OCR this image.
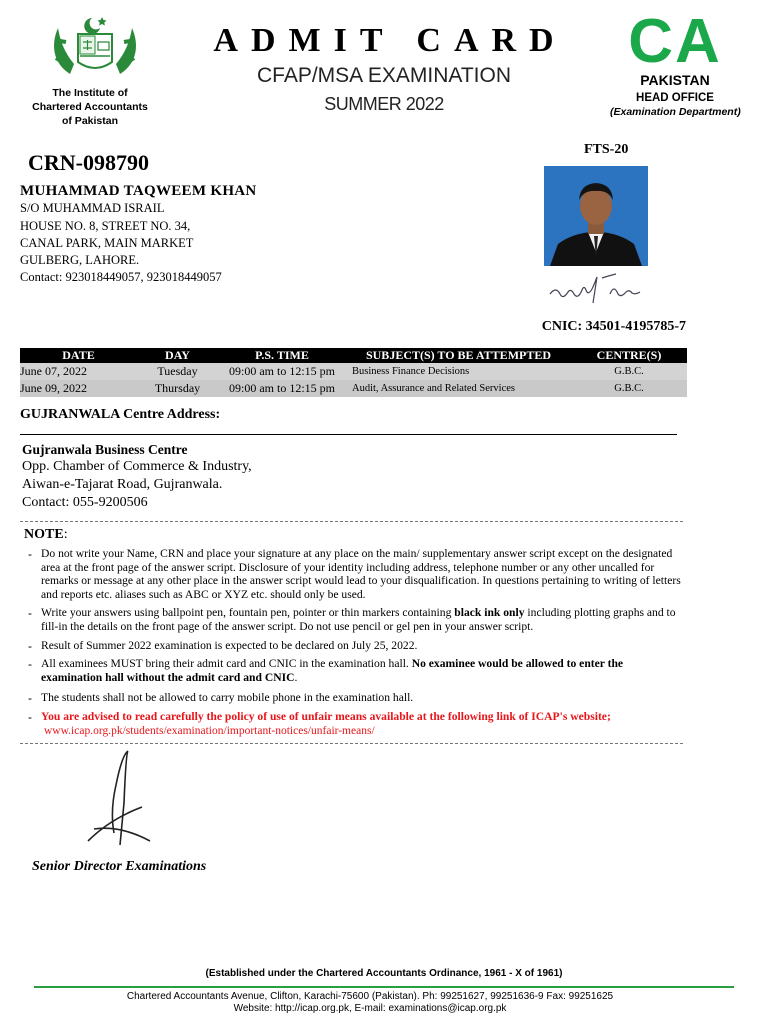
The Institute of
Chartered Accountants
of Pakistan
ADMIT CARD
CFAP/MSA EXAMINATION
SUMMER 2022
CA
PAKISTAN
HEAD OFFICE
(Examination Department)
FTS-20
CRN-098790
MUHAMMAD TAQWEEM KHAN
S/O MUHAMMAD ISRAIL
HOUSE NO. 8, STREET NO. 34,
CANAL PARK, MAIN MARKET
GULBERG, LAHORE.
Contact: 923018449057, 923018449057
CNIC: 34501-4195785-7
DATE	DAY	P.S. TIME	SUBJECT(S) TO BE ATTEMPTED	CENTRE(S)
June 07, 2022	Tuesday	09:00 am to 12:15 pm	Business Finance Decisions	G.B.C.
June 09, 2022	Thursday	09:00 am to 12:15 pm	Audit, Assurance and Related Services	G.B.C.
GUJRANWALA Centre Address:
Gujranwala Business Centre
Opp. Chamber of Commerce & Industry,
Aiwan-e-Tajarat Road, Gujranwala.
Contact: 055-9200506
NOTE:
- Do not write your Name, CRN and place your signature at any place on the main/ supplementary answer script except on the designated area at the front page of the answer script. Disclosure of your identity including address, telephone number or any other uncalled for remarks or message at any other place in the answer script would lead to your disqualification. In questions pertaining to writing of letters and reports etc. aliases such as ABC or XYZ etc. should only be used.
- Write your answers using ballpoint pen, fountain pen, pointer or thin markers containing black ink only including plotting graphs and to fill-in the details on the front page of the answer script. Do not use pencil or gel pen in your answer script.
- Result of Summer 2022 examination is expected to be declared on July 25, 2022.
- All examinees MUST bring their admit card and CNIC in the examination hall. No examinee would be allowed to enter the examination hall without the admit card and CNIC.
- The students shall not be allowed to carry mobile phone in the examination hall.
- You are advised to read carefully the policy of use of unfair means available at the following link of ICAP's website;
www.icap.org.pk/students/examination/important-notices/unfair-means/
Senior Director Examinations
(Established under the Chartered Accountants Ordinance, 1961 - X of 1961)
Chartered Accountants Avenue, Clifton, Karachi-75600 (Pakistan). Ph: 99251627, 99251636-9 Fax: 99251625
Website: http://icap.org.pk, E-mail: examinations@icap.org.pk
